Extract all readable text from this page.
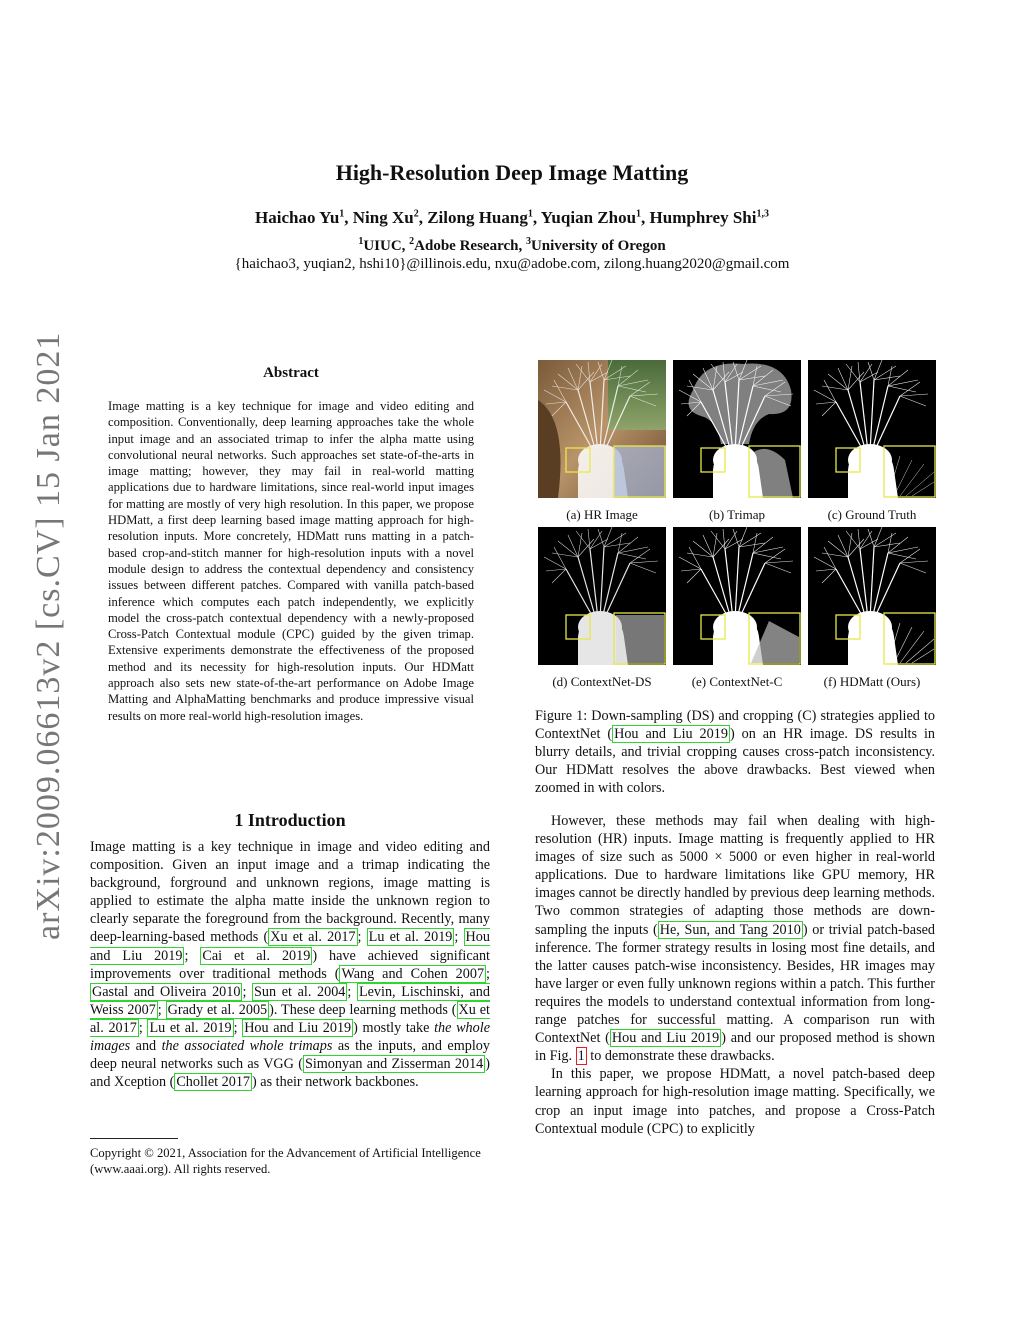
arXiv:2009.06613v2 [cs.CV] 15 Jan 2021
High-Resolution Deep Image Matting
Haichao Yu$^1$, Ning Xu$^2$, Zilong Huang$^1$, Yuqian Zhou$^1$, Humphrey Shi$^{1,3}$
$^1$UIUC, $^2$Adobe Research, $^3$University of Oregon
{haichao3, yuqian2, hshi10}@illinois.edu, nxu@adobe.com, zilong.huang2020@gmail.com
Abstract
Image matting is a key technique for image and video editing and composition. Conventionally, deep learning approaches take the whole input image and an associated trimap to infer the alpha matte using convolutional neural networks. Such approaches set state-of-the-arts in image matting; however, they may fail in real-world matting applications due to hardware limitations, since real-world input images for matting are mostly of very high resolution. In this paper, we propose HDMatt, a first deep learning based image matting approach for high-resolution inputs. More concretely, HDMatt runs matting in a patch-based crop-and-stitch manner for high-resolution inputs with a novel module design to address the contextual dependency and consistency issues between different patches. Compared with vanilla patch-based inference which computes each patch independently, we explicitly model the cross-patch contextual dependency with a newly-proposed Cross-Patch Contextual module (CPC) guided by the given trimap. Extensive experiments demonstrate the effectiveness of the proposed method and its necessity for high-resolution inputs. Our HDMatt approach also sets new state-of-the-art performance on Adobe Image Matting and AlphaMatting benchmarks and produce impressive visual results on more real-world high-resolution images.
1 Introduction

Image matting is a key technique in image and video editing and composition. Given an input image and a trimap indicating the background, forground and unknown regions, image matting is applied to estimate the alpha matte inside the unknown region to clearly separate the foreground from the background. Recently, many deep-learning-based methods ( Xu et al. 2017 ; Lu et al. 2019 ; Hou and Liu 2019 ; Cai et al. 2019 ) have achieved significant improvements over traditional methods ( Wang and Cohen 2007 ; Gastal and Oliveira 2010 ; Sun et al. 2004 ; Levin, Lischinski, and Weiss 2007 ; Grady et al. 2005 ). These deep learning methods ( Xu et al. 2017 ; Lu et al. 2019 ; Hou and Liu 2019 ) mostly take the whole images and the associated whole trimaps as the inputs, and employ deep neural networks such as VGG ( Simonyan and Zisserman 2014 ) and Xception ( Chollet 2017 ) as their network backbones.

Copyright © 2021, Association for the Advancement of Artificial Intelligence (www.aaai.org). All rights reserved.
(a) HR Image	(b) Trimap	(c) Ground Truth
(d) ContextNet-DS	(e) ContextNet-C	(f) HDMatt (Ours)
Figure 1: Down-sampling (DS) and cropping (C) strategies applied to ContextNet ( Hou and Liu 2019 ) on an HR image. DS results in blurry details, and trivial cropping causes cross-patch inconsistency. Our HDMatt resolves the above drawbacks. Best viewed when zoomed in with colors.

However, these methods may fail when dealing with high-resolution (HR) inputs. Image matting is frequently applied to HR images of size such as 5000 × 5000 or even higher in real-world applications. Due to hardware limitations like GPU memory, HR images cannot be directly handled by previous deep learning methods. Two common strategies of adapting those methods are down-sampling the inputs ( He, Sun, and Tang 2010 ) or trivial patch-based inference. The former strategy results in losing most fine details, and the latter causes patch-wise inconsistency. Besides, HR images may have larger or even fully unknown regions within a patch. This further requires the models to understand contextual information from long-range patches for successful matting. A comparison run with ContextNet ( Hou and Liu 2019 ) and our proposed method is shown in Fig. 1 to demonstrate these drawbacks.

In this paper, we propose HDMatt, a novel patch-based deep learning approach for high-resolution image matting. Specifically, we crop an input image into patches, and propose a Cross-Patch Contextual module (CPC) to explicitly
